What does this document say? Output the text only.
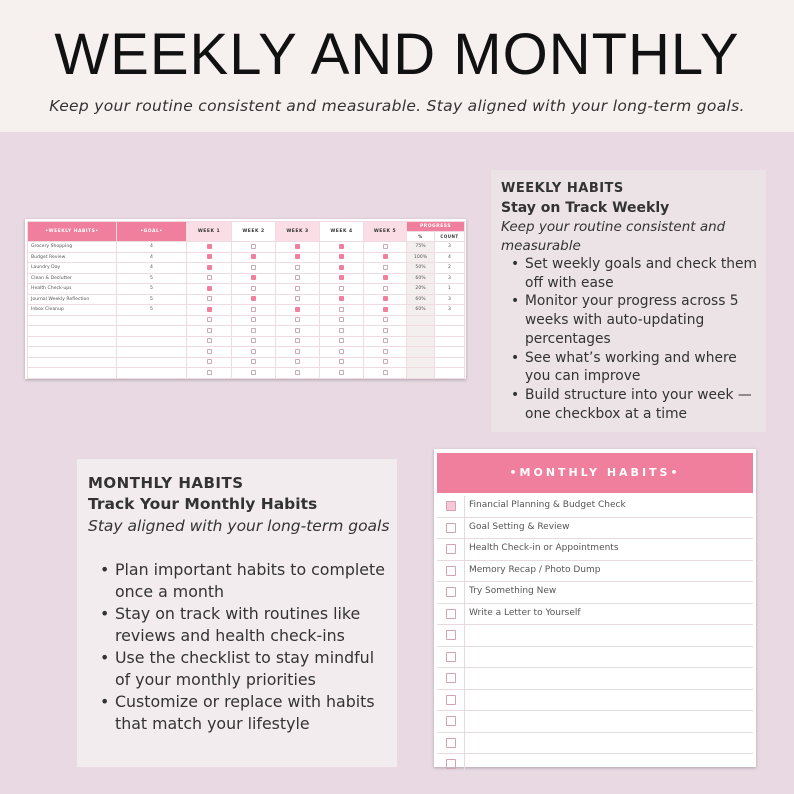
WEEKLY AND MONTHLY
Keep your routine consistent and measurable. Stay aligned with your long-term goals.
•WEEKLY HABITS•	•GOAL•	WEEK 1	WEEK 2	WEEK 3	WEEK 4	WEEK 5	PROGRESS	
							%	COUNT
Grocery Shopping	4						75%	3
Budget Review	4						100%	4
Laundry Day	4						50%	2
Clean & Declutter	5						60%	3
Health Check-ups	5						20%	1
Journal Weekly Reflection	5						60%	3
Inbox Cleanup	5						60%	3

WEEKLY HABITS
Stay on Track Weekly
Keep your routine consistent and measurable
• Set weekly goals and check them off with ease
• Monitor your progress across 5 weeks with auto-updating percentages
• See what’s working and where you can improve
• Build structure into your week — one checkbox at a time
MONTHLY HABITS
Track Your Monthly Habits
Stay aligned with your long-term goals
• Plan important habits to complete once a month
• Stay on track with routines like reviews and health check-ins
• Use the checklist to stay mindful of your monthly priorities
• Customize or replace with habits that match your lifestyle
•MONTHLY HABITS•
Financial Planning & Budget Check
Goal Setting & Review
Health Check-in or Appointments
Memory Recap / Photo Dump
Try Something New
Write a Letter to Yourself
